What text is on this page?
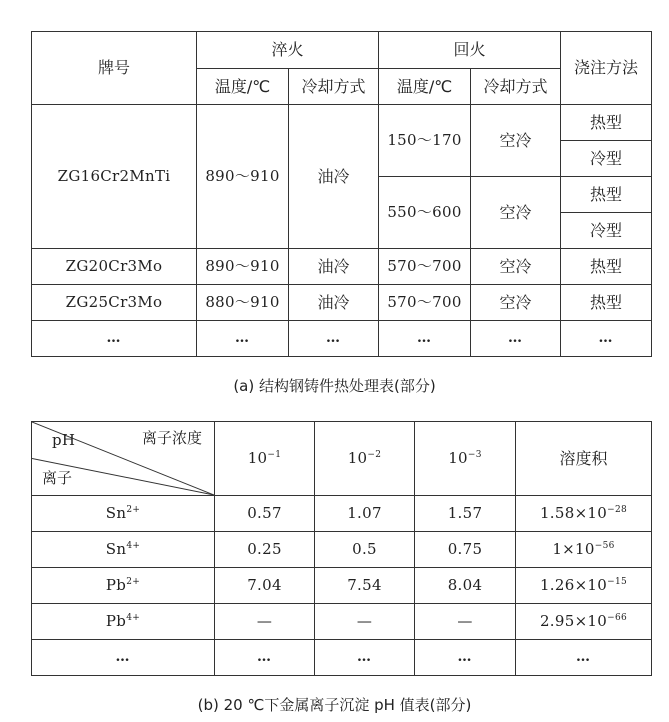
牌号	淬火		回火		浇注方法
	温度/℃	冷却方式	温度/℃	冷却方式	
ZG16Cr2MnTi	890～910	油冷	150～170	空冷	热型
					冷型
			550～600	空冷	热型
					冷型
ZG20Cr3Mo	890～910	油冷	570～700	空冷	热型
ZG25Cr3Mo	880～910	油冷	570～700	空冷	热型
…	…	…	…	…	…
(a) 结构钢铸件热处理表(部分)
pH 离子浓度
离子	$10^{-1}$	$10^{-2}$	$10^{-3}$	溶度积
$Sn^{2+}$	0.57	1.07	1.57	$1.58\times 10^{-28}$
$Sn^{4+}$	0.25	0.5	0.75	$1\times 10^{-56}$
$Pb^{2+}$	7.04	7.54	8.04	$1.26\times 10^{-15}$
$Pb^{4+}$	—	—	—	$2.95\times 10^{-66}$
…	…	…	…	…
(b) 20 ℃下金属离子沉淀 pH 值表(部分)
